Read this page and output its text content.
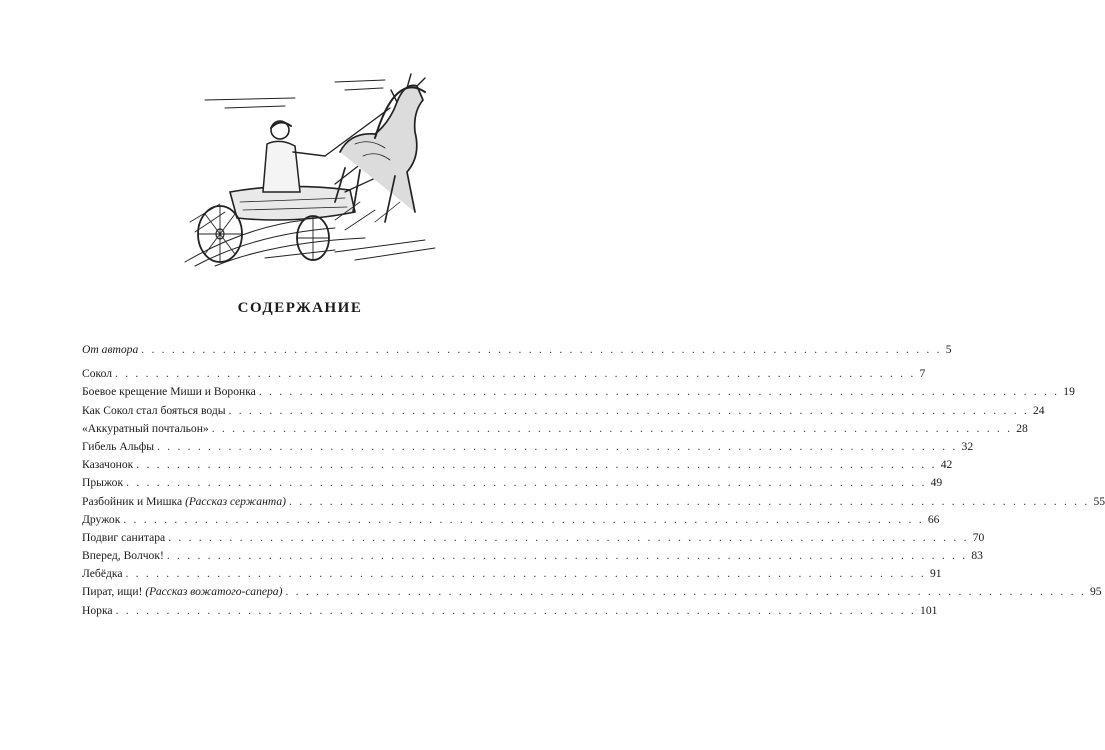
СОДЕРЖАНИЕ
От автора . . . . . . . . . . . . . . . . . . . . . . . . . . . . . . . . . . . . . . . . . . . . . . . . . . . . . . . . . . . . . . . . . . . . . . . . . . . . . . . 5
Сокол . . . . . . . . . . . . . . . . . . . . . . . . . . . . . . . . . . . . . . . . . . . . . . . . . . . . . . . . . . . . . . . . . . . . . . . . . . . . . . . 7
Боевое крещение Миши и Воронка . . . . . . . . . . . . . . . . . . . . . . . . . . . . . . . . . . . . . . . . . . . . . . . . . . . . . . . . . . . . . . . . . . . . . . . . . . . . . . . 19
Как Сокол стал бояться воды . . . . . . . . . . . . . . . . . . . . . . . . . . . . . . . . . . . . . . . . . . . . . . . . . . . . . . . . . . . . . . . . . . . . . . . . . . . . . . . 24
«Аккуратный почтальон» . . . . . . . . . . . . . . . . . . . . . . . . . . . . . . . . . . . . . . . . . . . . . . . . . . . . . . . . . . . . . . . . . . . . . . . . . . . . . . . 28
Гибель Альфы . . . . . . . . . . . . . . . . . . . . . . . . . . . . . . . . . . . . . . . . . . . . . . . . . . . . . . . . . . . . . . . . . . . . . . . . . . . . . . . 32
Казачонок . . . . . . . . . . . . . . . . . . . . . . . . . . . . . . . . . . . . . . . . . . . . . . . . . . . . . . . . . . . . . . . . . . . . . . . . . . . . . . . 42
Прыжок . . . . . . . . . . . . . . . . . . . . . . . . . . . . . . . . . . . . . . . . . . . . . . . . . . . . . . . . . . . . . . . . . . . . . . . . . . . . . . . 49
Разбойник и Мишка (Рассказ сержанта) . . . . . . . . . . . . . . . . . . . . . . . . . . . . . . . . . . . . . . . . . . . . . . . . . . . . . . . . . . . . . . . . . . . . . . . . . . . . . . . 55
Дружок . . . . . . . . . . . . . . . . . . . . . . . . . . . . . . . . . . . . . . . . . . . . . . . . . . . . . . . . . . . . . . . . . . . . . . . . . . . . . . . 66
Подвиг санитара . . . . . . . . . . . . . . . . . . . . . . . . . . . . . . . . . . . . . . . . . . . . . . . . . . . . . . . . . . . . . . . . . . . . . . . . . . . . . . . 70
Вперед, Волчок! . . . . . . . . . . . . . . . . . . . . . . . . . . . . . . . . . . . . . . . . . . . . . . . . . . . . . . . . . . . . . . . . . . . . . . . . . . . . . . . 83
Лебёдка . . . . . . . . . . . . . . . . . . . . . . . . . . . . . . . . . . . . . . . . . . . . . . . . . . . . . . . . . . . . . . . . . . . . . . . . . . . . . . . 91
Пират, ищи! (Рассказ вожатого-сапера) . . . . . . . . . . . . . . . . . . . . . . . . . . . . . . . . . . . . . . . . . . . . . . . . . . . . . . . . . . . . . . . . . . . . . . . . . . . . . . . 95
Норка . . . . . . . . . . . . . . . . . . . . . . . . . . . . . . . . . . . . . . . . . . . . . . . . . . . . . . . . . . . . . . . . . . . . . . . . . . . . . . . 101
